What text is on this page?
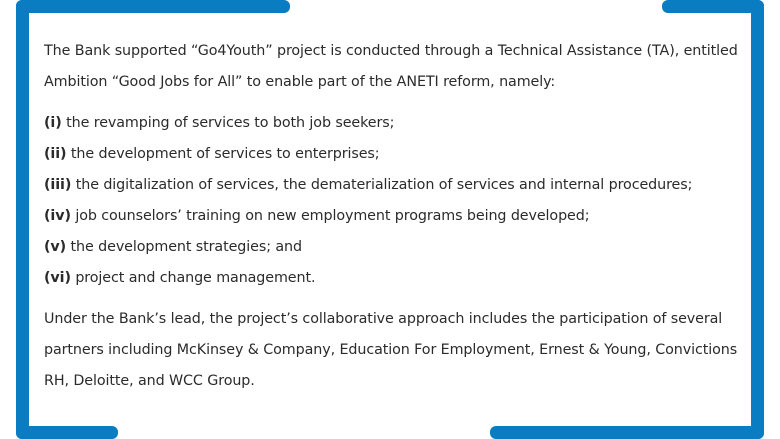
The Bank supported “Go4Youth” project is conducted through a Technical Assistance (TA), entitled Ambition “Good Jobs for All” to enable part of the ANETI reform, namely:

(i) the revamping of services to both job seekers;
(ii) the development of services to enterprises;
(iii) the digitalization of services, the dematerialization of services and internal procedures;
(iv) job counselors’ training on new employment programs being developed;
(v) the development strategies; and
(vi) project and change management.

Under the Bank’s lead, the project’s collaborative approach includes the participation of several partners including McKinsey & Company, Education For Employment, Ernest & Young, Convictions RH, Deloitte, and WCC Group.
